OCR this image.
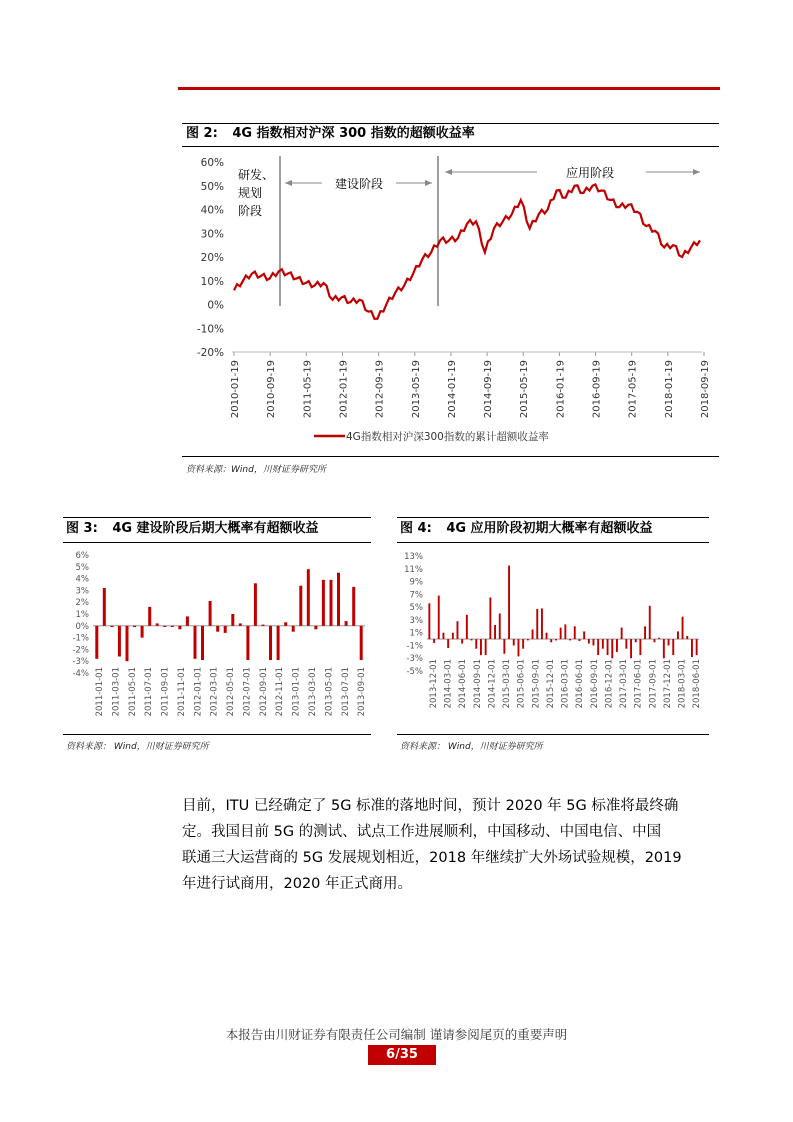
图 2: 4G 指数相对沪深 300 指数的超额收益率
60%
50%
40%
30%
20%
10%
0%
-10%
-20%
2010-01-19	2010-09-19	2011-05-19	2012-01-19	2012-09-19	2013-05-19	2014-01-19	2014-09-19	2015-05-19	2016-01-19	2016-09-19	2017-05-19	2018-01-19	2018-09-19
研发、
规划
阶段
建设阶段
应用阶段
4G指数相对沪深300指数的累计超额收益率
资料来源：Wind，川财证券研究所
图 3: 4G 建设阶段后期大概率有超额收益
6%
5%
4%
3%
2%
1%
0%
-1%
-2%
-3%
-4% 2011-01-01 2011-03-01 2011-05-01 2011-07-01 2011-09-01 2011-11-01 2012-01-01 2012-03-01 2012-05-01 2012-07-01 2012-09-01 2012-11-01 2013-01-01 2013-03-01 2013-05-01 2013-07-01 2013-09-01
资料来源： Wind，川财证券研究所
图 4: 4G 应用阶段初期大概率有超额收益
13%
11%
9%
7%
5%
3%
1%
-1%
-3%
-5% 2013-12-01 2014-03-01 2014-06-01 2014-09-01 2014-12-01 2015-03-01 2015-06-01 2015-09-01 2015-12-01 2016-03-01 2016-06-01 2016-09-01 2016-12-01 2017-03-01 2017-06-01 2017-09-01 2017-12-01 2018-03-01 2018-06-01
资料来源： Wind，川财证券研究所
目前，ITU 已经确定了 5G 标准的落地时间，预计 2020 年 5G 标准将最终确
定。我国目前 5G 的测试、试点工作进展顺利，中国移动、中国电信、中国
联通三大运营商的 5G 发展规划相近，2018 年继续扩大外场试验规模，2019
年进行试商用，2020 年正式商用。
本报告由川财证券有限责任公司编制 谨请参阅尾页的重要声明
6/35
